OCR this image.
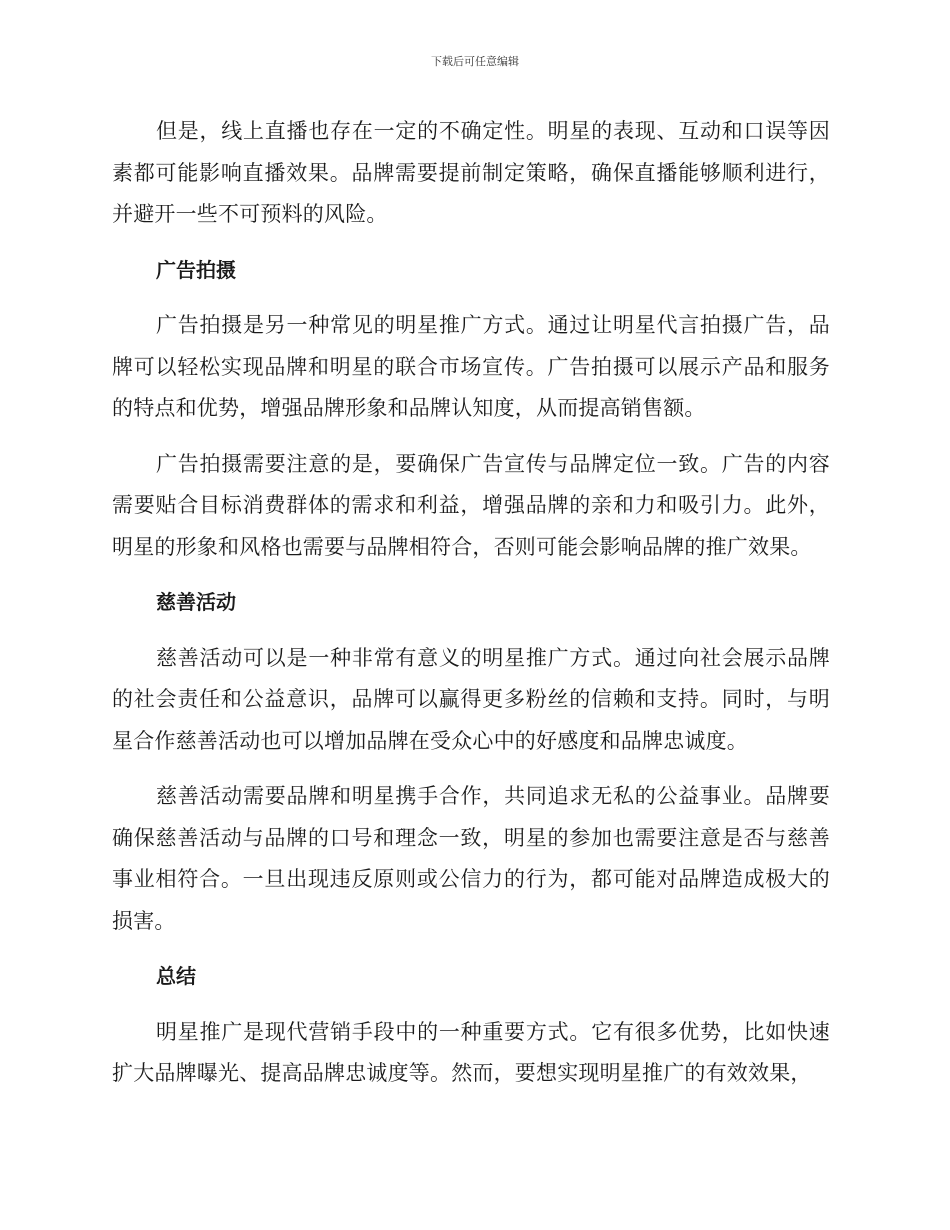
下载后可任意编辑

但是，线上直播也存在一定的不确定性。明星的表现、互动和口误等因素都可能影响直播效果。品牌需要提前制定策略，确保直播能够顺利进行，并避开一些不可预料的风险。

广告拍摄

广告拍摄是另一种常见的明星推广方式。通过让明星代言拍摄广告，品牌可以轻松实现品牌和明星的联合市场宣传。广告拍摄可以展示产品和服务的特点和优势，增强品牌形象和品牌认知度，从而提高销售额。

广告拍摄需要注意的是，要确保广告宣传与品牌定位一致。广告的内容需要贴合目标消费群体的需求和利益，增强品牌的亲和力和吸引力。此外，明星的形象和风格也需要与品牌相符合，否则可能会影响品牌的推广效果。

慈善活动

慈善活动可以是一种非常有意义的明星推广方式。通过向社会展示品牌的社会责任和公益意识，品牌可以赢得更多粉丝的信赖和支持。同时，与明星合作慈善活动也可以增加品牌在受众心中的好感度和品牌忠诚度。

慈善活动需要品牌和明星携手合作，共同追求无私的公益事业。品牌要确保慈善活动与品牌的口号和理念一致，明星的参加也需要注意是否与慈善事业相符合。一旦出现违反原则或公信力的行为，都可能对品牌造成极大的损害。

总结

明星推广是现代营销手段中的一种重要方式。它有很多优势，比如快速扩大品牌曝光、提高品牌忠诚度等。然而，要想实现明星推广的有效效果，
